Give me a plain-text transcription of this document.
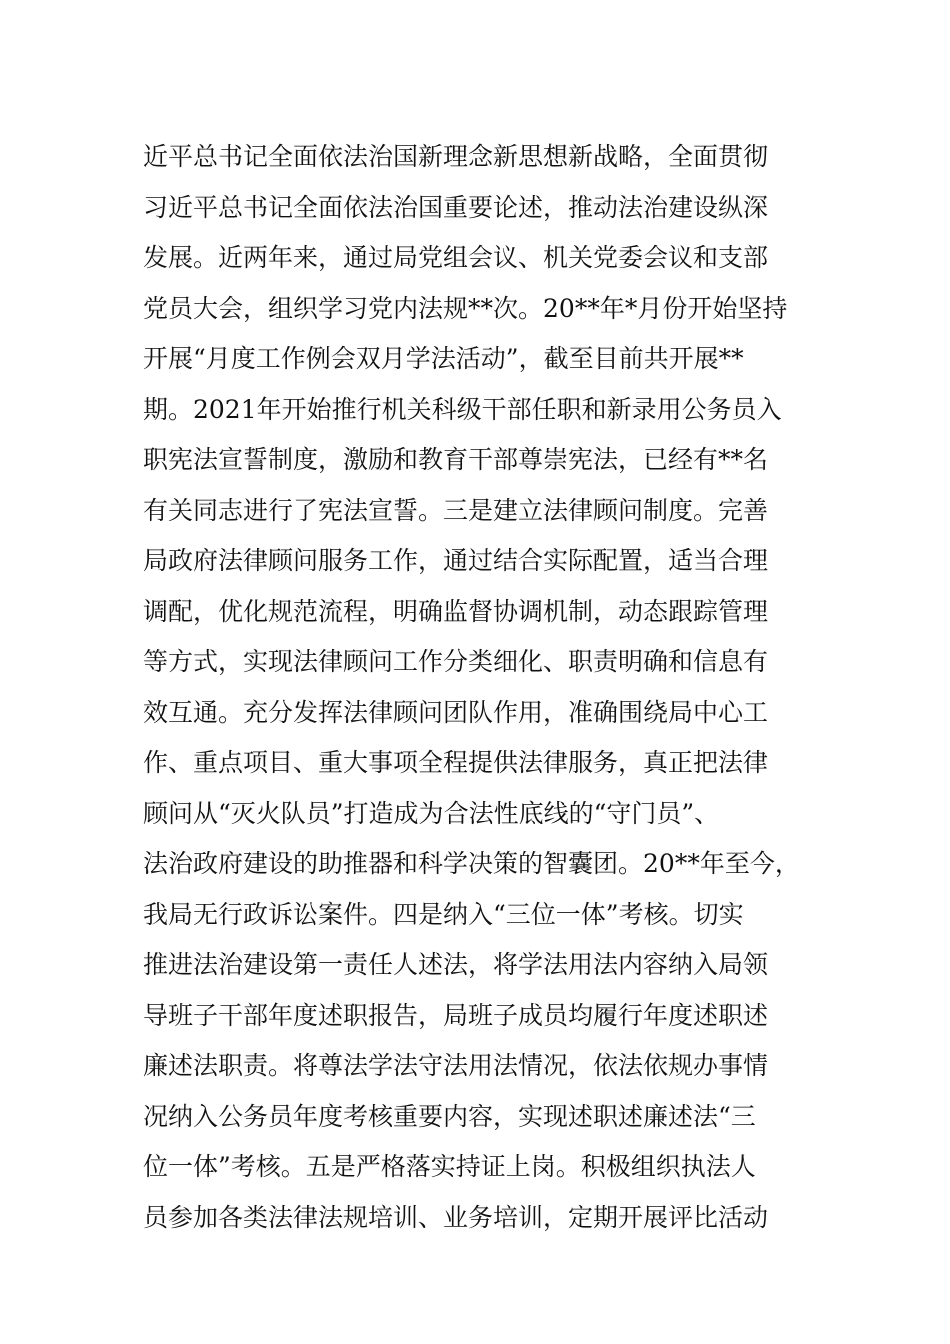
近平总书记全面依法治国新理念新思想新战略，全面贯彻
习近平总书记全面依法治国重要论述，推动法治建设纵深
发展。近两年来，通过局党组会议、机关党委会议和支部
党员大会，组织学习党内法规**次。20**年*月份开始坚持
开展“月度工作例会双月学法活动”，截至目前共开展**
期。2021年开始推行机关科级干部任职和新录用公务员入
职宪法宣誓制度，激励和教育干部尊崇宪法，已经有**名
有关同志进行了宪法宣誓。三是建立法律顾问制度。完善
局政府法律顾问服务工作，通过结合实际配置，适当合理
调配，优化规范流程，明确监督协调机制，动态跟踪管理
等方式，实现法律顾问工作分类细化、职责明确和信息有
效互通。充分发挥法律顾问团队作用，准确围绕局中心工
作、重点项目、重大事项全程提供法律服务，真正把法律
顾问从“灭火队员”打造成为合法性底线的“守门员”、
法治政府建设的助推器和科学决策的智囊团。20**年至今，
我局无行政诉讼案件。四是纳入“三位一体”考核。切实
推进法治建设第一责任人述法，将学法用法内容纳入局领
导班子干部年度述职报告，局班子成员均履行年度述职述
廉述法职责。将尊法学法守法用法情况，依法依规办事情
况纳入公务员年度考核重要内容，实现述职述廉述法“三
位一体”考核。五是严格落实持证上岗。积极组织执法人
员参加各类法律法规培训、业务培训，定期开展评比活动
